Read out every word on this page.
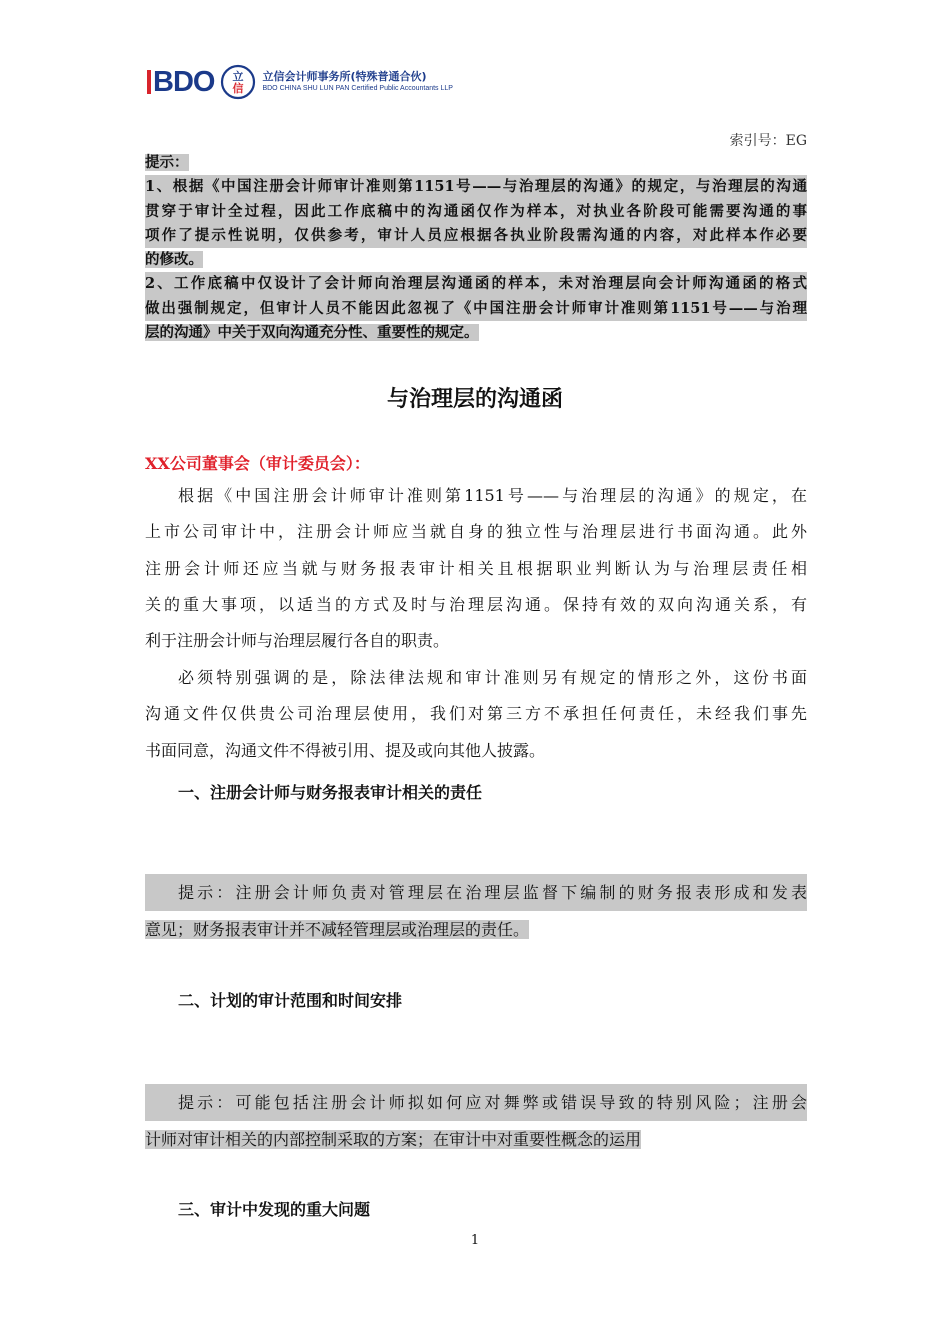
BDO 立
信
立信会计师事务所(特殊普通合伙)
BDO CHINA SHU LUN PAN Certified Public Accountants LLP
索引号：EG
提示：
1、根据《中国注册会计师审计准则第1151号——与治理层的沟通》的规定，与治理层的沟通
贯穿于审计全过程，因此工作底稿中的沟通函仅作为样本，对执业各阶段可能需要沟通的事
项作了提示性说明，仅供参考，审计人员应根据各执业阶段需沟通的内容，对此样本作必要
的修改。
2、工作底稿中仅设计了会计师向治理层沟通函的样本，未对治理层向会计师沟通函的格式
做出强制规定，但审计人员不能因此忽视了《中国注册会计师审计准则第1151号——与治理
层的沟通》中关于双向沟通充分性、重要性的规定。
与治理层的沟通函
XX公司董事会（审计委员会）：
根据《中国注册会计师审计准则第1151号——与治理层的沟通》的规定，在
上市公司审计中，注册会计师应当就自身的独立性与治理层进行书面沟通。此外
注册会计师还应当就与财务报表审计相关且根据职业判断认为与治理层责任相
关的重大事项，以适当的方式及时与治理层沟通。保持有效的双向沟通关系，有
利于注册会计师与治理层履行各自的职责。
必须特别强调的是，除法律法规和审计准则另有规定的情形之外，这份书面
沟通文件仅供贵公司治理层使用，我们对第三方不承担任何责任，未经我们事先
书面同意，沟通文件不得被引用、提及或向其他人披露。
一、注册会计师与财务报表审计相关的责任
提示：注册会计师负责对管理层在治理层监督下编制的财务报表形成和发表
意见；财务报表审计并不减轻管理层或治理层的责任。
二、计划的审计范围和时间安排
提示：可能包括注册会计师拟如何应对舞弊或错误导致的特别风险；注册会
计师对审计相关的内部控制采取的方案；在审计中对重要性概念的运用
三、审计中发现的重大问题
1
